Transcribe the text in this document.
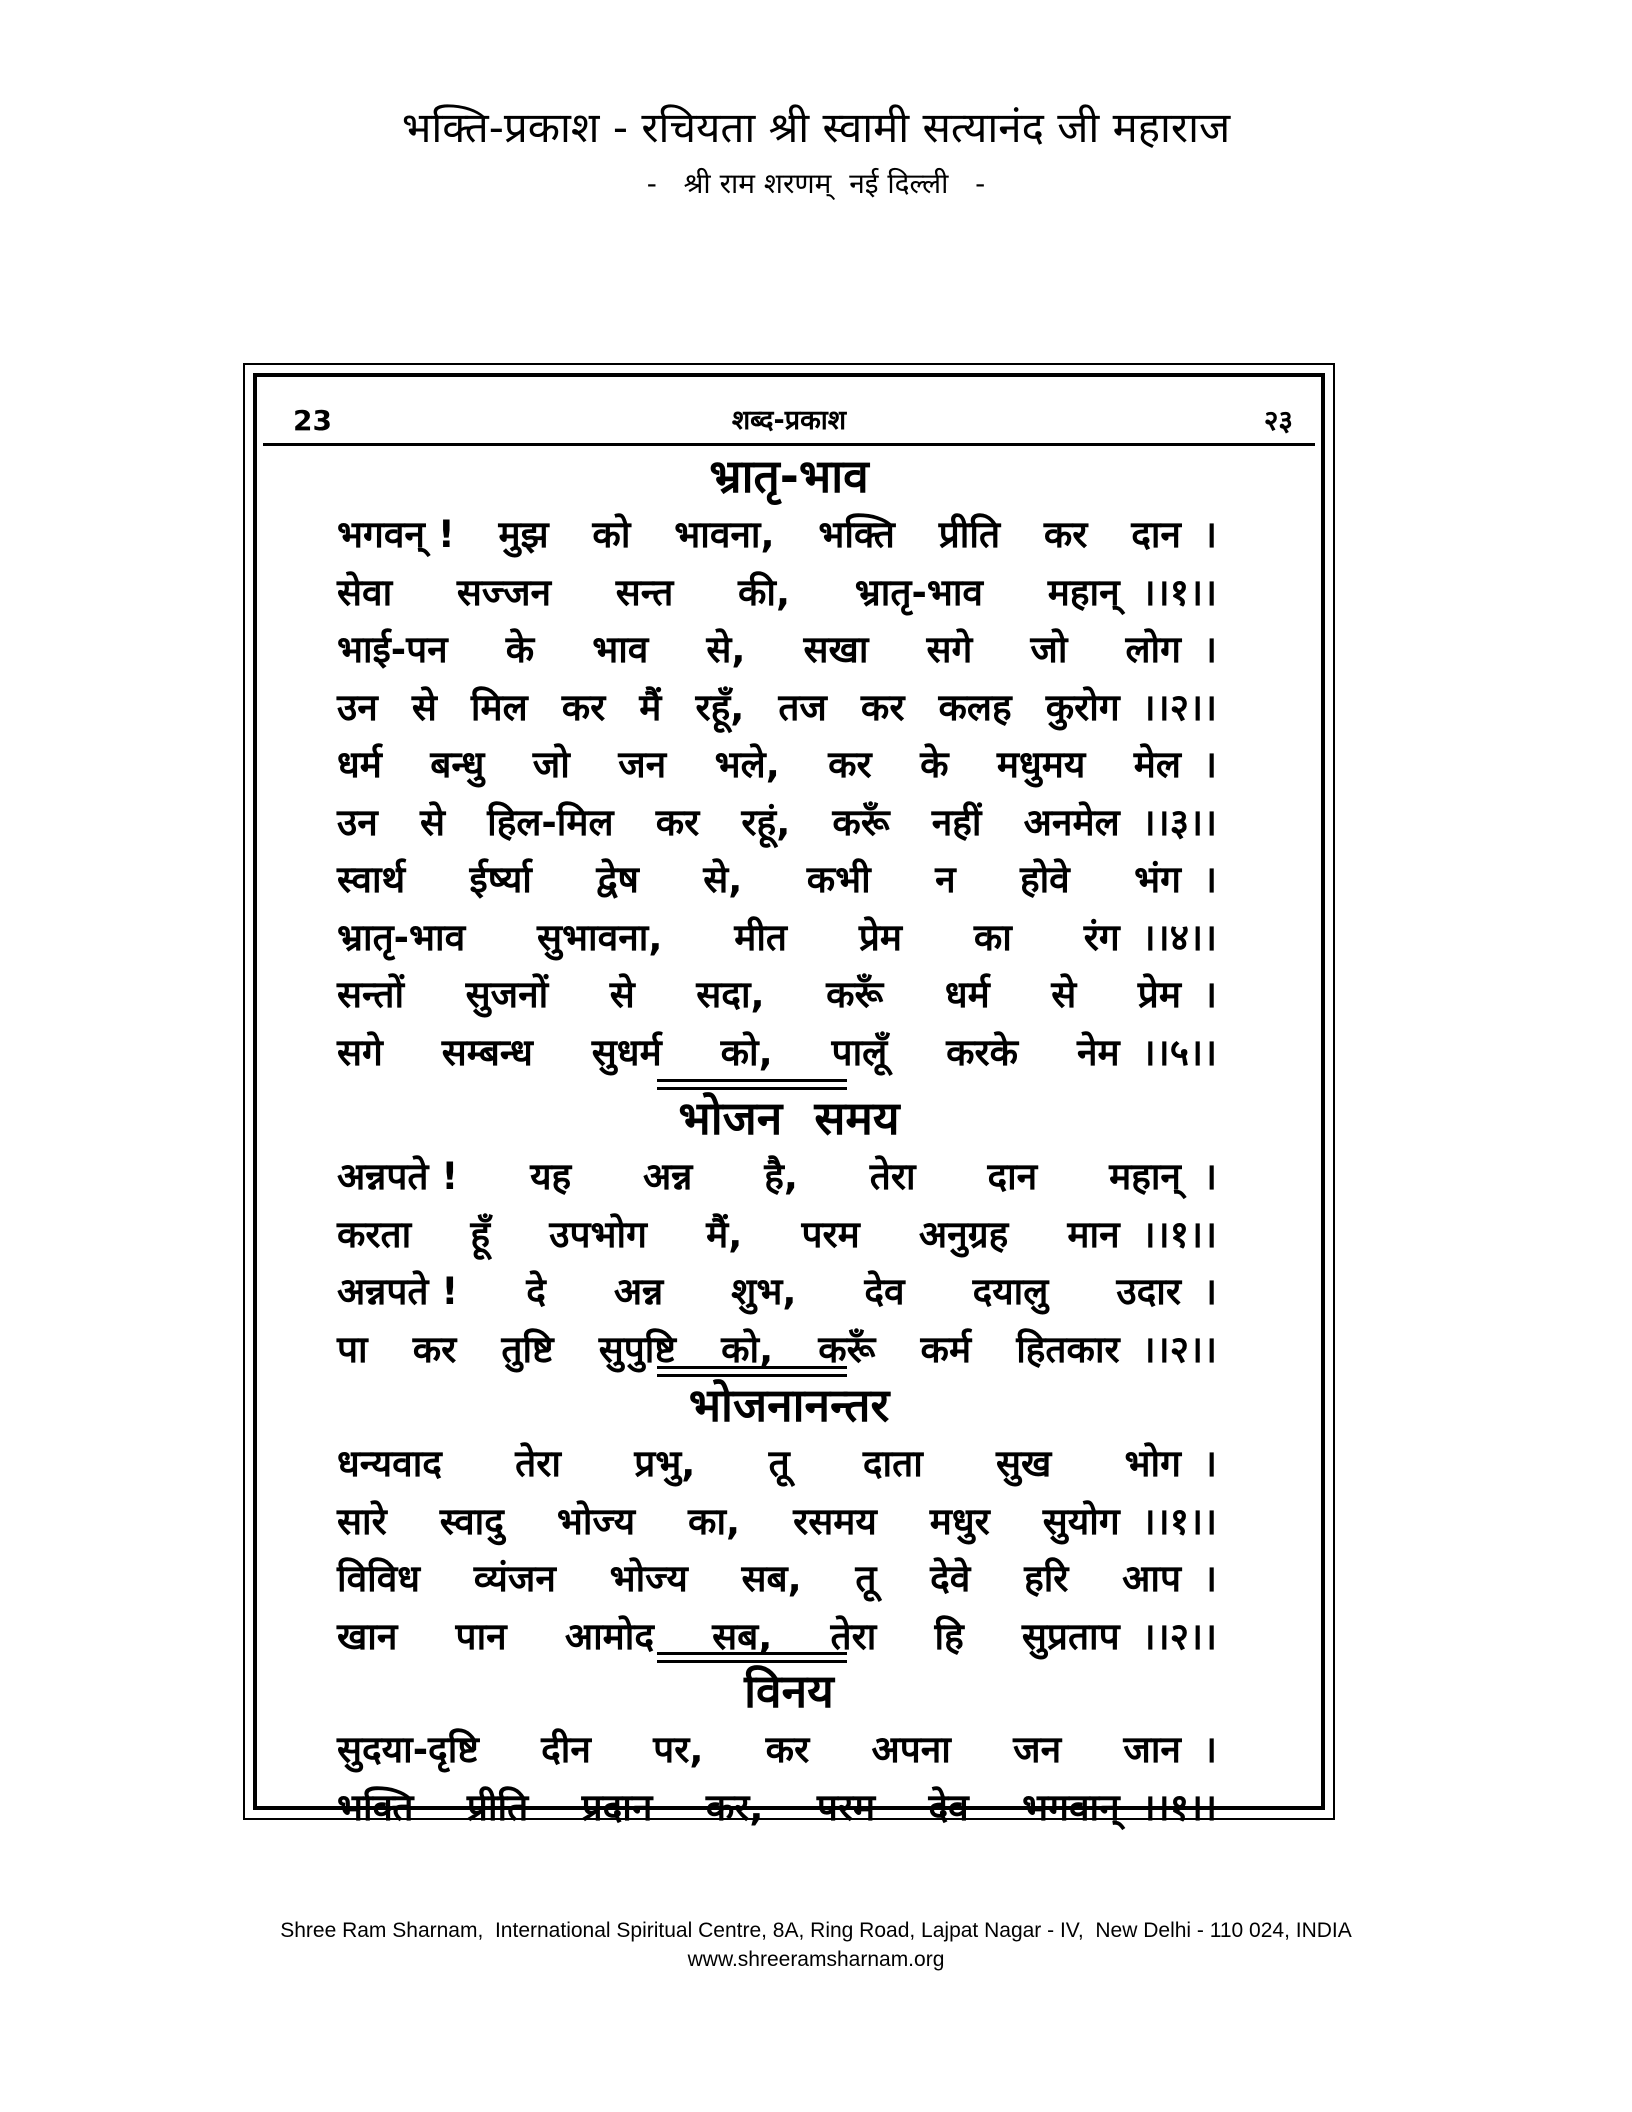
भक्ति-प्रकाश - रचियता श्री स्वामी सत्यानंद जी महाराज
-   श्री राम शरणम्  नई दिल्ली   -
23	शब्द-प्रकाश	२३
भ्रातृ-भाव
भगवन् ! मुझ को भावना, भक्ति प्रीति कर दान ।
सेवा सज्जन सन्त की, भ्रातृ-भाव महान् ।।१।।
भाई-पन के भाव से, सखा सगे जो लोग ।
उन से मिल कर मैं रहूँ, तज कर कलह कुरोग ।।२।।
धर्म बन्धु जो जन भले, कर के मधुमय मेल ।
उन से हिल-मिल कर रहूं, करूँ नहीं अनमेल ।।३।।
स्वार्थ ईर्ष्या द्वेष से, कभी न होवे भंग ।
भ्रातृ-भाव सुभावना, मीत प्रेम का रंग ।।४।।
सन्तों सुजनों से सदा, करूँ धर्म से प्रेम ।
सगे सम्बन्ध सुधर्म को, पालूँ करके नेम ।।५।।
भोजन  समय
अन्नपते ! यह अन्न है, तेरा दान महान् ।
करता हूँ उपभोग मैं, परम अनुग्रह मान ।।१।।
अन्नपते ! दे अन्न शुभ, देव दयालु उदार ।
पा कर तुष्टि सुपुष्टि को, करूँ कर्म हितकार ।।२।।
भोजनानन्तर
धन्यवाद तेरा प्रभु, तू दाता सुख भोग ।
सारे स्वादु भोज्य का, रसमय मधुर सुयोग ।।१।।
विविध व्यंजन भोज्य सब, तू देवे हरि आप ।
खान पान आमोद सब, तेरा हि सुप्रताप ।।२।।
विनय
सुदया-दृष्टि दीन पर, कर अपना जन जान ।
भक्ति प्रीति प्रदान कर, परम देव भगवान् ।।१।।
Shree Ram Sharnam,  International Spiritual Centre, 8A, Ring Road, Lajpat Nagar - IV,  New Delhi - 110 024, INDIA
www.shreeramsharnam.org
